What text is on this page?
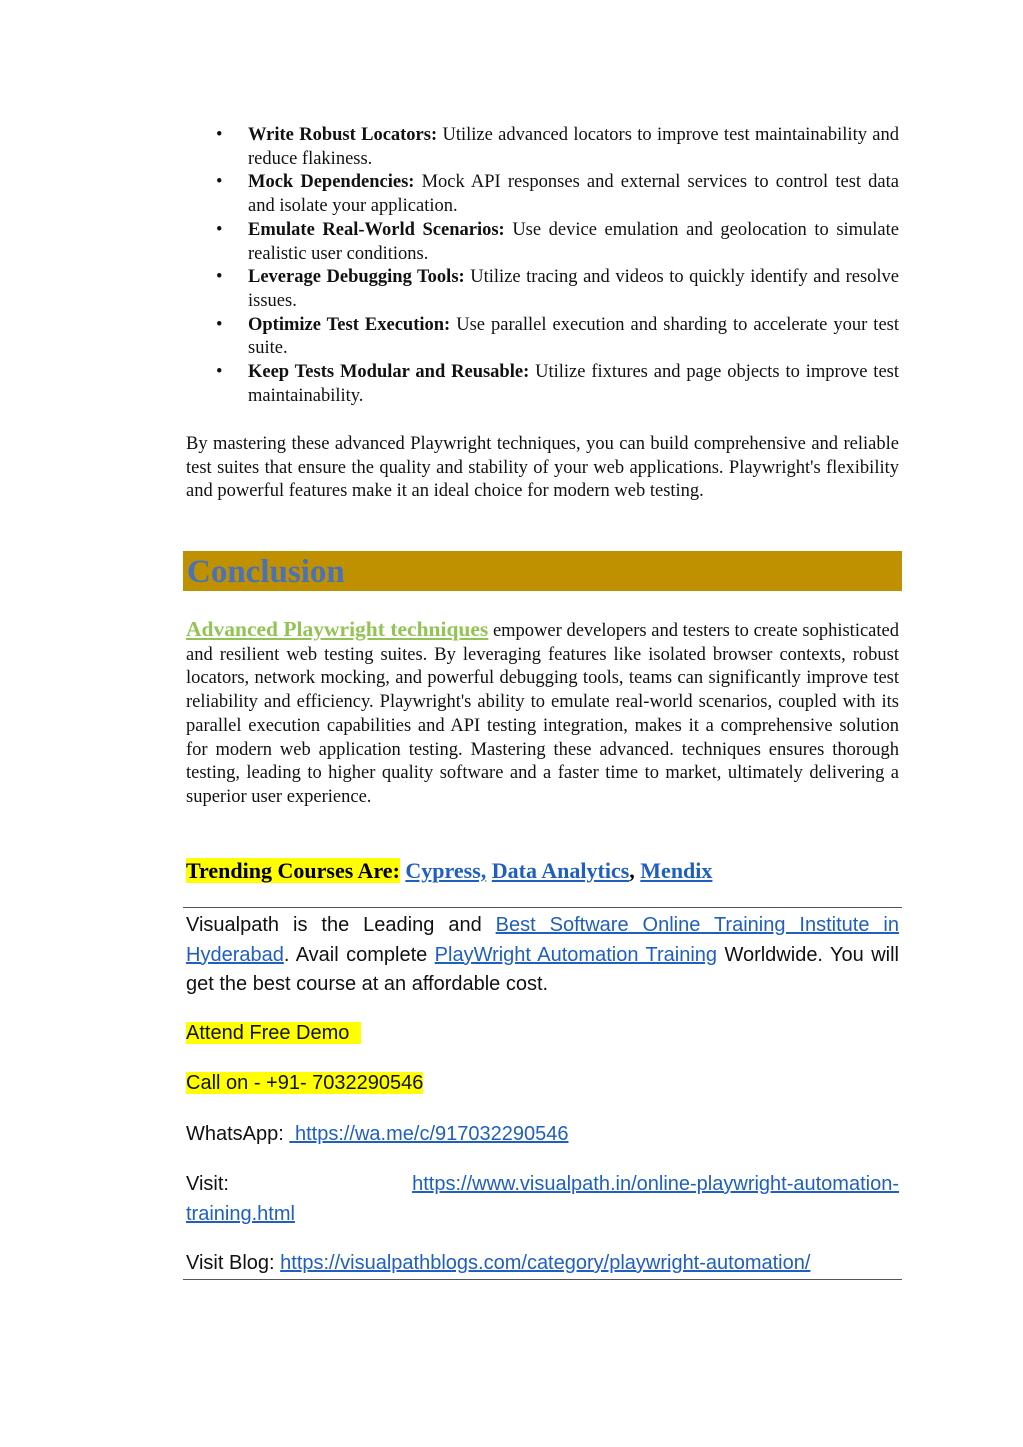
• Write Robust Locators: Utilize advanced locators to improve test maintainability and reduce flakiness.
• Mock Dependencies: Mock API responses and external services to control test data and isolate your application.
• Emulate Real-World Scenarios: Use device emulation and geolocation to simulate realistic user conditions.
• Leverage Debugging Tools: Utilize tracing and videos to quickly identify and resolve issues.
• Optimize Test Execution: Use parallel execution and sharding to accelerate your test suite.
• Keep Tests Modular and Reusable: Utilize fixtures and page objects to improve test maintainability.

By mastering these advanced Playwright techniques, you can build comprehensive and reliable test suites that ensure the quality and stability of your web applications. Playwright's flexibility and powerful features make it an ideal choice for modern web testing.

Conclusion

Advanced Playwright techniques empower developers and testers to create sophisticated and resilient web testing suites. By leveraging features like isolated browser contexts, robust locators, network mocking, and powerful debugging tools, teams can significantly improve test reliability and efficiency. Playwright's ability to emulate real-world scenarios, coupled with its parallel execution capabilities and API testing integration, makes it a comprehensive solution for modern web application testing. Mastering these advanced. techniques ensures thorough testing, leading to higher quality software and a faster time to market, ultimately delivering a superior user experience.

Trending Courses Are: Cypress, Data Analytics, Mendix

Visualpath is the Leading and Best Software Online Training Institute in Hyderabad. Avail complete PlayWright Automation Training Worldwide. You will get the best course at an affordable cost.

Attend Free Demo
Call on - +91- 7032290546
WhatsApp: https://wa.me/c/917032290546
Visit:	https://www.visualpath.in/online-playwright-automation-
training.html
Visit Blog: https://visualpathblogs.com/category/playwright-automation/
